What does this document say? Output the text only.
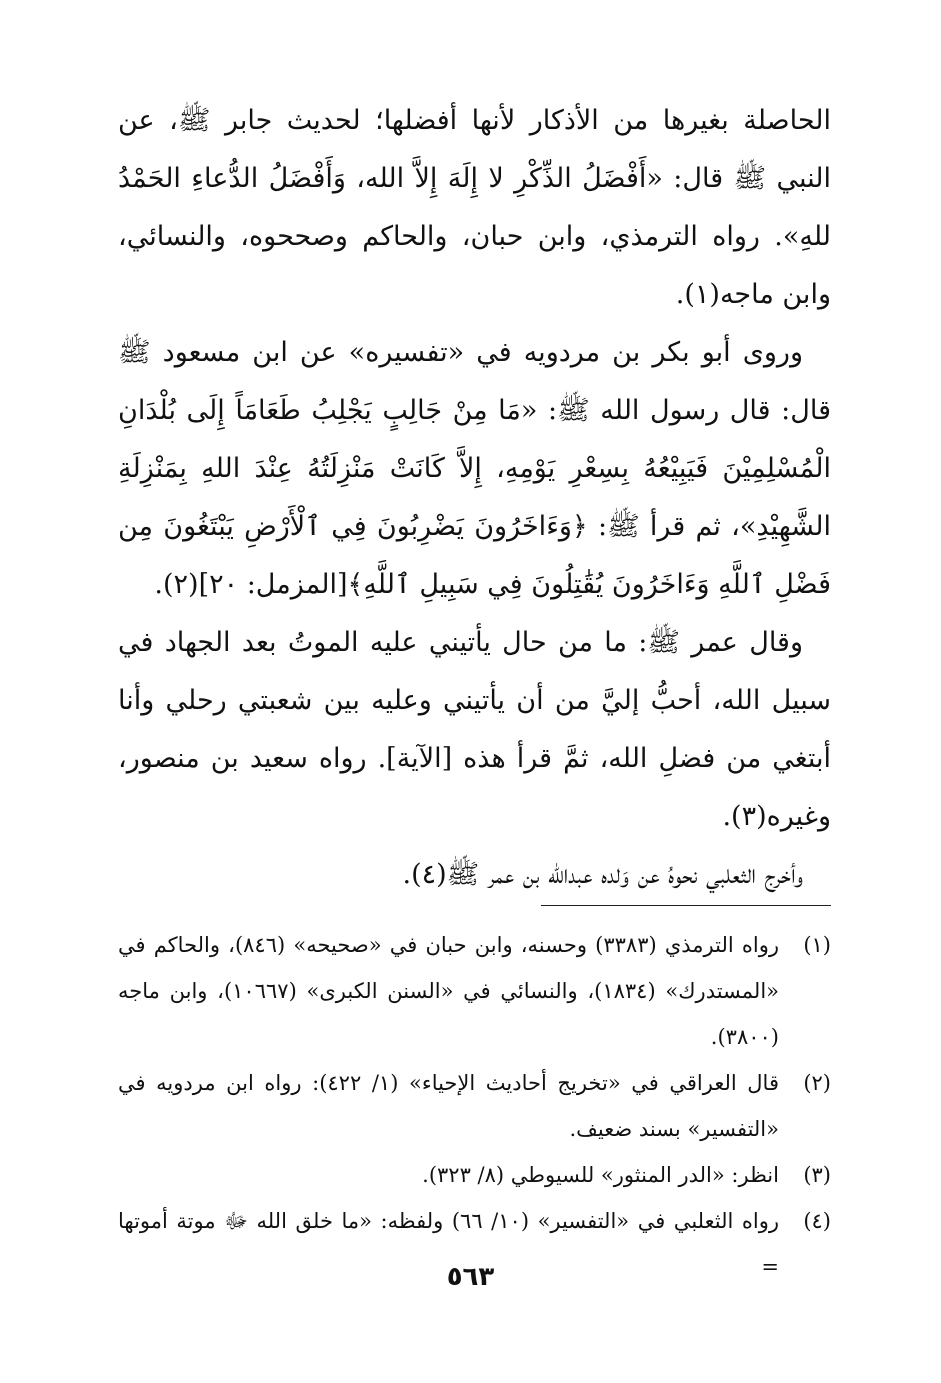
الحاصلة بغيرها من الأذكار لأنها أفضلها؛ لحديث جابر ﷺ، عن النبي ﷺ قال: «أَفْضَلُ الذِّكْرِ لا إِلَهَ إِلاَّ الله، وَأَفْضَلُ الدُّعاءِ الحَمْدُ للهِ». رواه الترمذي، وابن حبان، والحاكم وصححوه، والنسائي، وابن ماجه(١).

وروى أبو بكر بن مردويه في «تفسيره» عن ابن مسعود ﷺ قال: قال رسول الله ﷺ: «مَا مِنْ جَالِبٍ يَجْلِبُ طَعَامَاً إِلَى بُلْدَانِ الْمُسْلِمِيْنَ فَيَبِيْعُهُ بِسِعْرِ يَوْمِهِ، إِلاَّ كَانَتْ مَنْزِلَتُهُ عِنْدَ اللهِ بِمَنْزِلَةِ الشَّهِيْدِ»، ثم قرأ ﷺ: ﴿وَءَاخَرُونَ يَضْرِبُونَ فِي ٱلْأَرْضِ يَبْتَغُونَ مِن فَضْلِ ٱللَّهِ وَءَاخَرُونَ يُقَٰتِلُونَ فِي سَبِيلِ ٱللَّهِ﴾[المزمل: ٢٠](٢).

وقال عمر ﷺ: ما من حال يأتيني عليه الموتُ بعد الجهاد في سبيل الله، أحبُّ إليَّ من أن يأتيني وعليه بين شعبتي رحلي وأنا أبتغي من فضلِ الله، ثمَّ قرأ هذه [الآية]. رواه سعيد بن منصور، وغيره(٣).

وأخرج الثعلبي نحوهُ عن وَلده عبدالله بن عمر ﷺ(٤).

(١)
رواه الترمذي (٣٣٨٣) وحسنه، وابن حبان في «صحيحه» (٨٤٦)، والحاكم في «المستدرك» (١٨٣٤)، والنسائي في «السنن الكبرى» (١٠٦٦٧)، وابن ماجه (٣٨٠٠).
(٢)
قال العراقي في «تخريج أحاديث الإحياء» (١/ ٤٢٢): رواه ابن مردويه في «التفسير» بسند ضعيف.
(٣)
انظر: «الدر المنثور» للسيوطي (٨/ ٣٢٣).
(٤)
رواه الثعلبي في «التفسير» (١٠/ ٦٦) ولفظه: «ما خلق الله ﷻ موتة أموتها =
٥٦٣
